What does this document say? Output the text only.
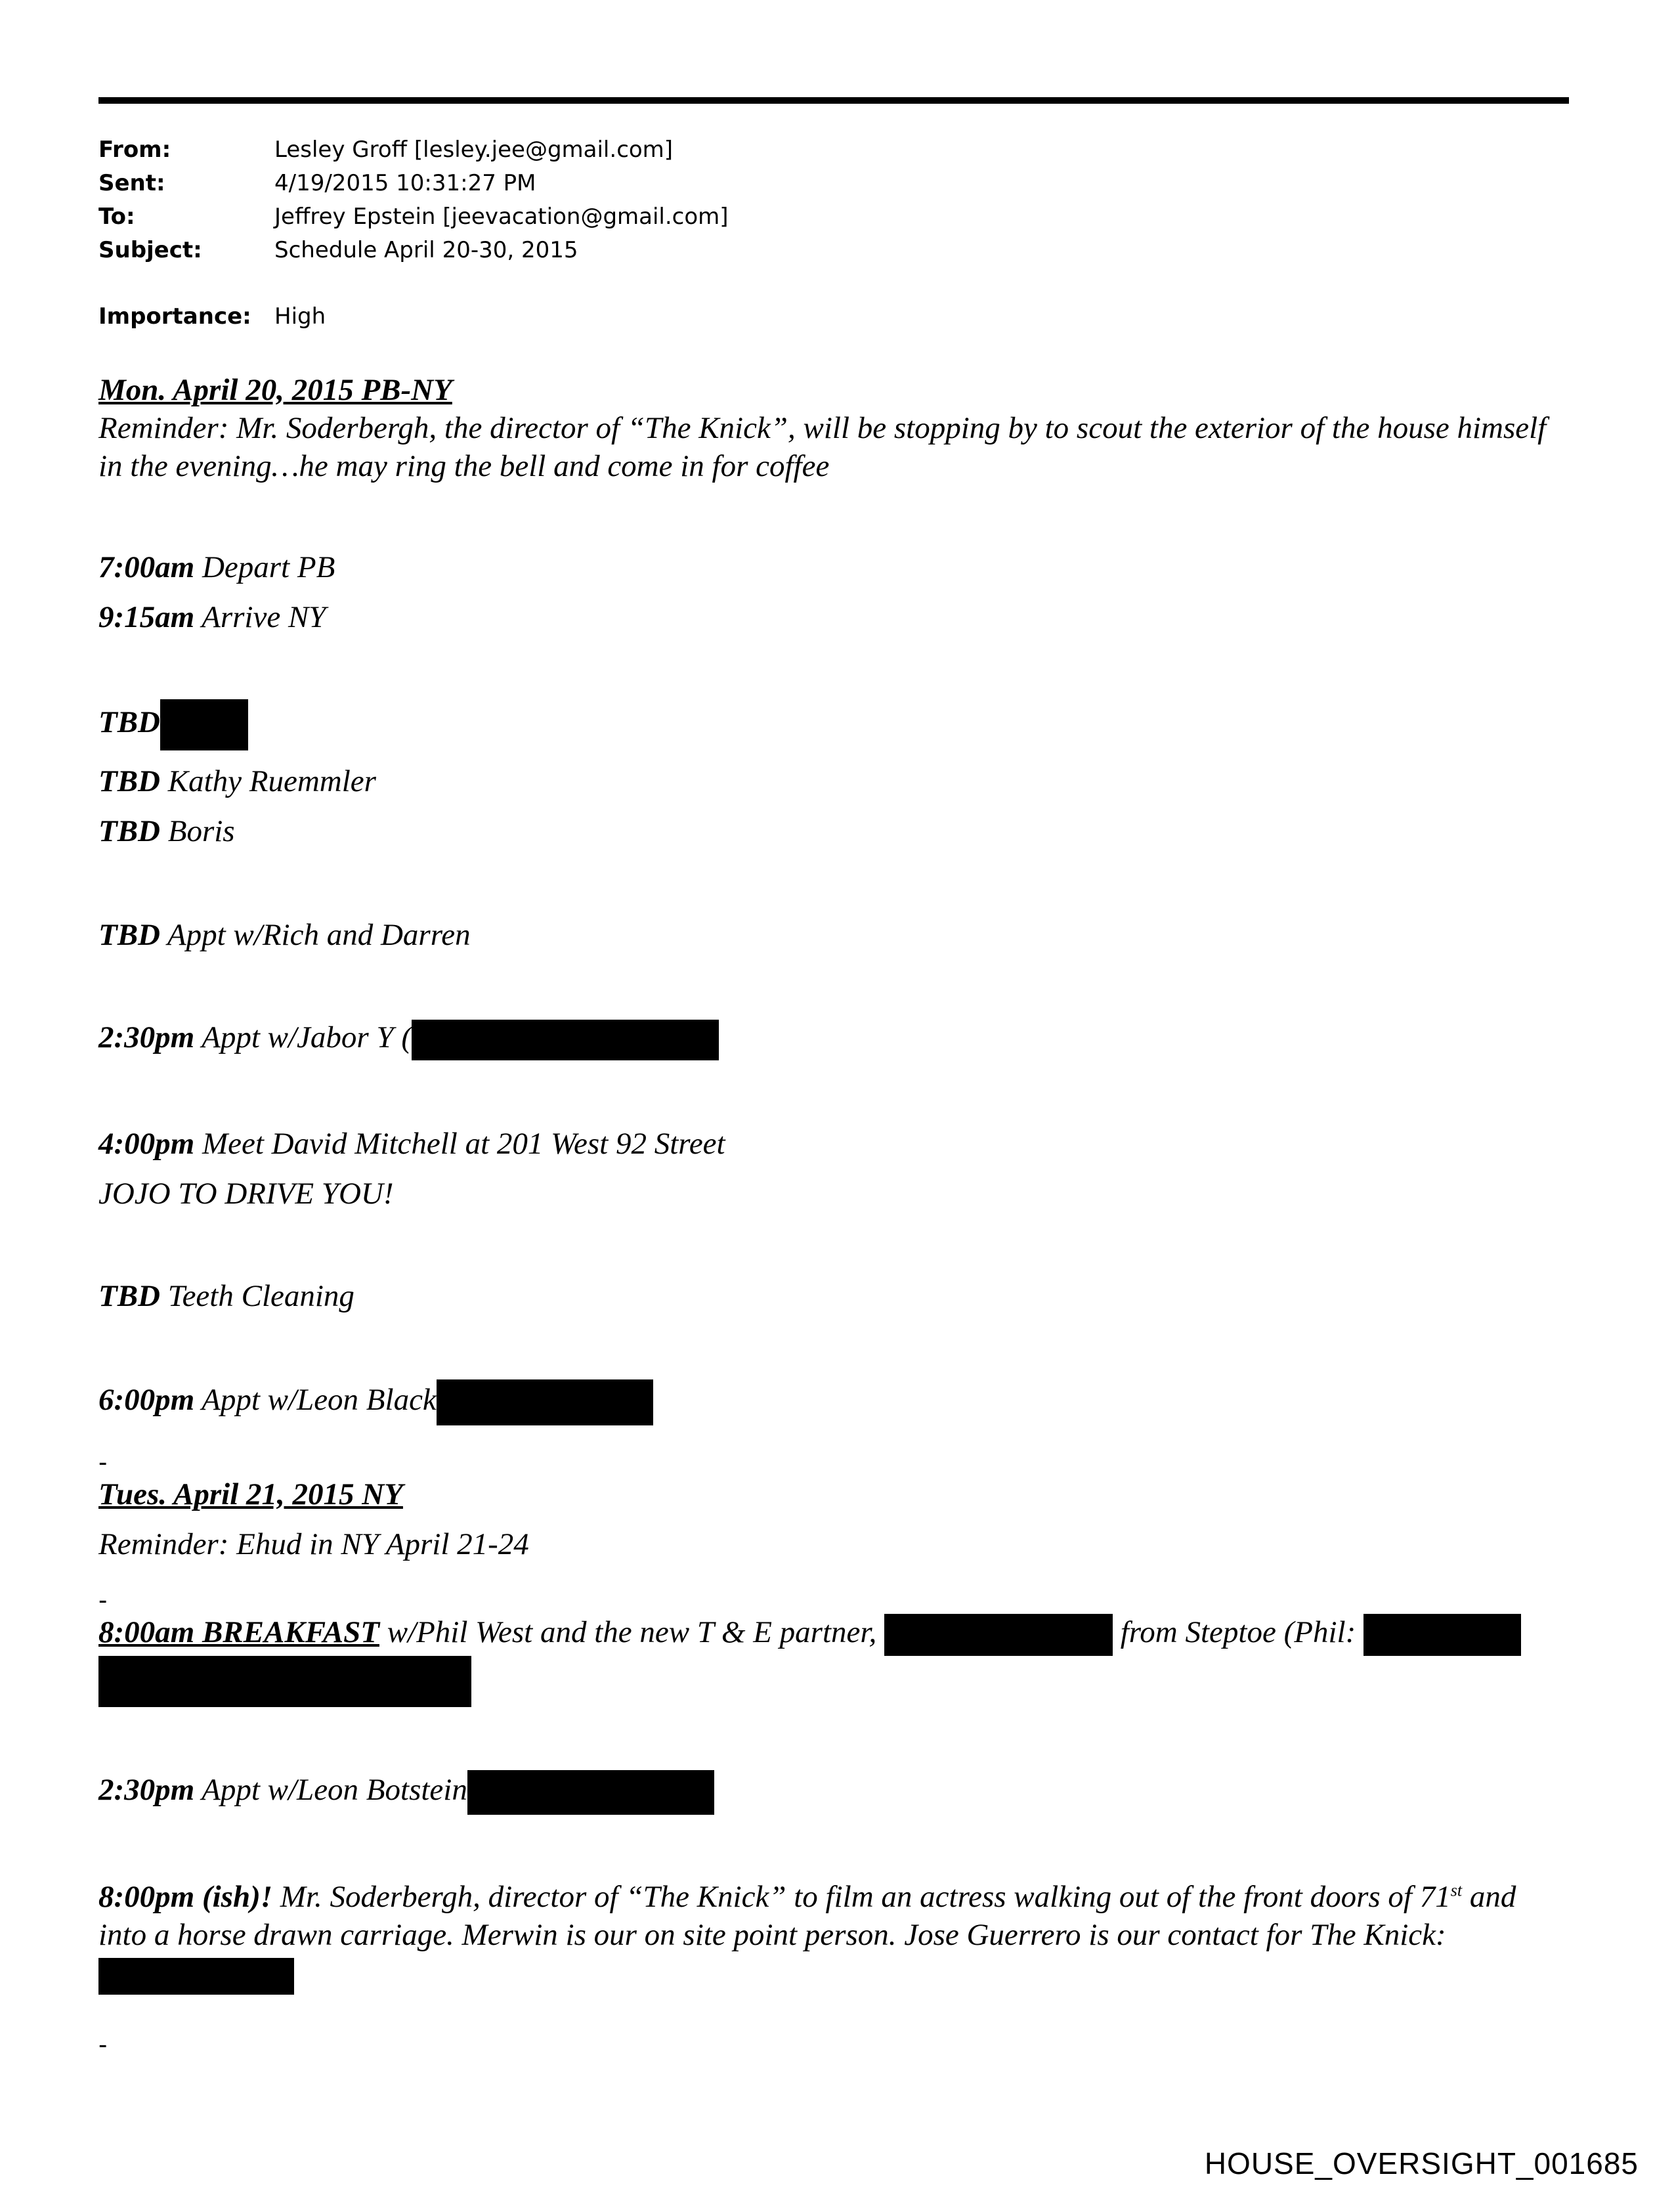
From:	Lesley Groff [lesley.jee@gmail.com]
Sent:	4/19/2015 10:31:27 PM
To:	Jeffrey Epstein [jeevacation@gmail.com]
Subject:	Schedule April 20-30, 2015
Importance:	High
Mon. April 20, 2015 PB-NY
Reminder: Mr. Soderbergh, the director of “The Knick”, will be stopping by to scout the exterior of the house himself in the evening…he may ring the bell and come in for coffee
7:00am Depart PB
9:15am Arrive NY
TBD
TBD Kathy Ruemmler
TBD Boris
TBD Appt w/Rich and Darren
2:30pm Appt w/Jabor Y (
4:00pm Meet David Mitchell at 201 West 92 Street
JOJO TO DRIVE YOU!
TBD Teeth Cleaning
6:00pm Appt w/Leon Black
-
Tues. April 21, 2015 NY
Reminder: Ehud in NY April 21-24
-
8:00am BREAKFAST w/Phil West and the new T & E partner,	from Steptoe (Phil:
2:30pm Appt w/Leon Botstein
8:00pm (ish)! Mr. Soderbergh, director of “The Knick” to film an actress walking out of the front doors of 71st and into a horse drawn carriage. Merwin is our on site point person. Jose Guerrero is our contact for The Knick:
-
HOUSE_OVERSIGHT_001685
